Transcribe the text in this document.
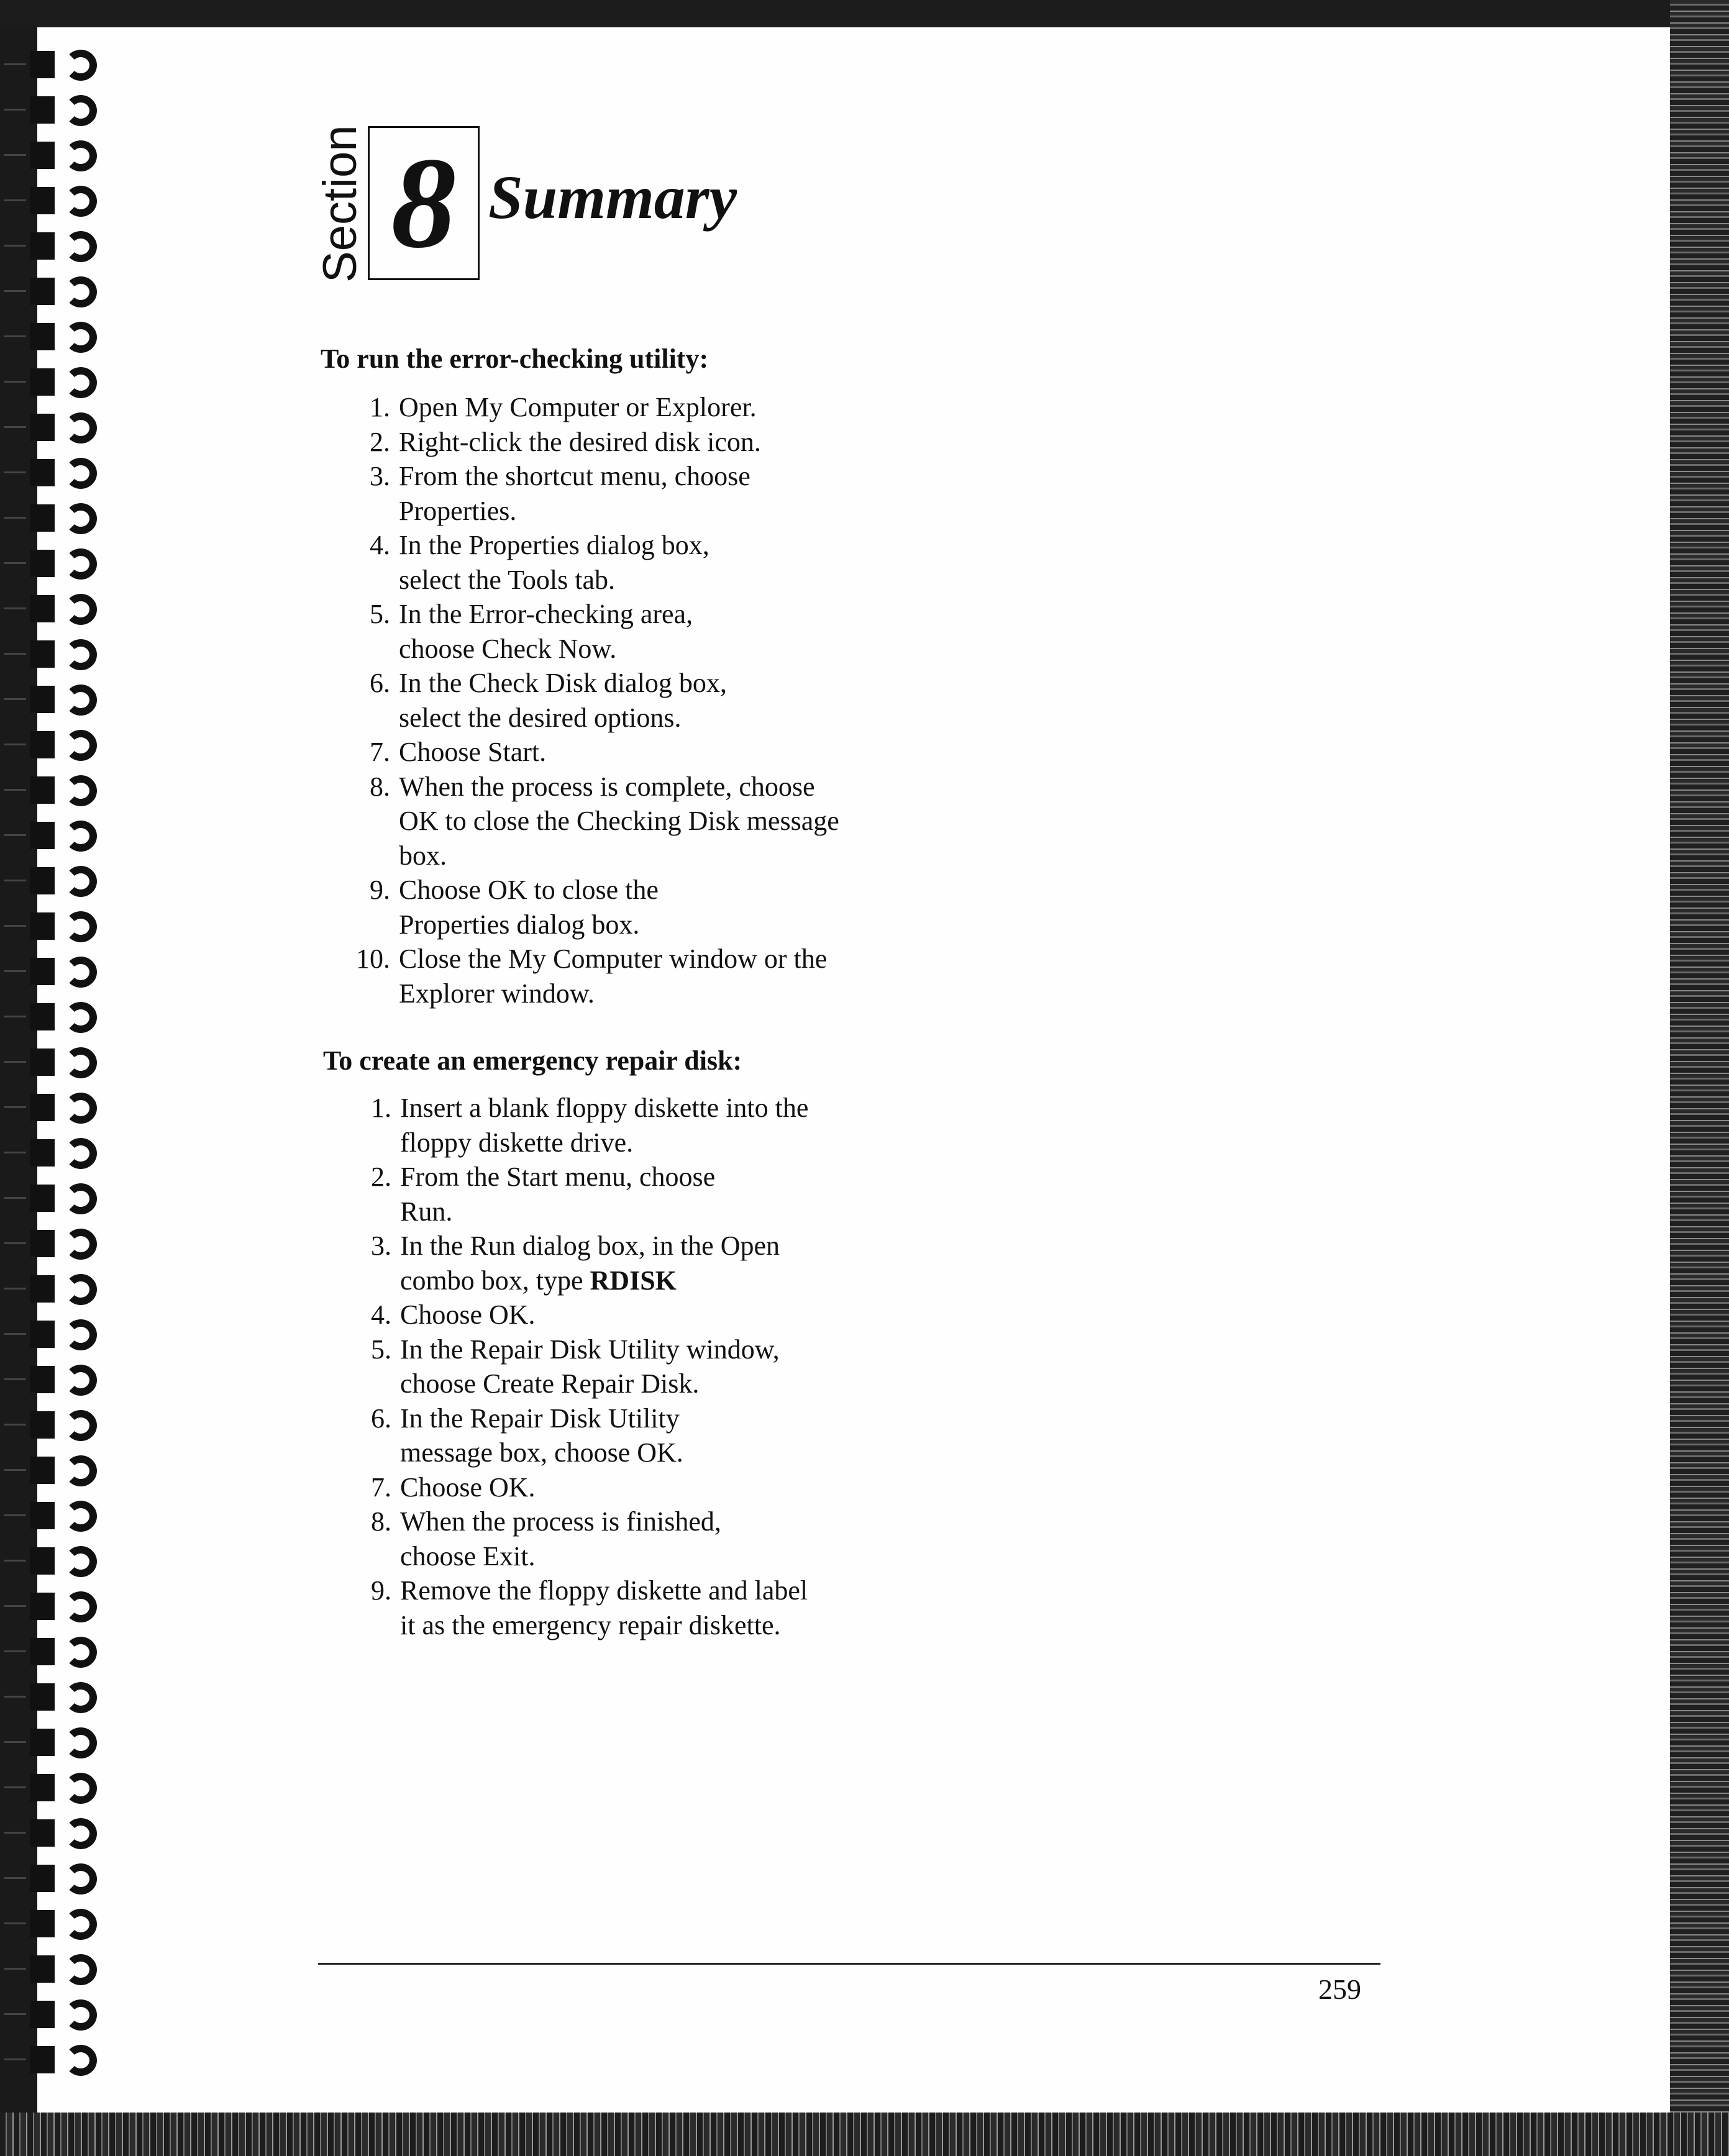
Section 8 Summary
To run the error-checking utility:
1. Open My Computer or Explorer.
2. Right-click the desired disk icon.
3. From the shortcut menu, choose Properties.
4. In the Properties dialog box, select the Tools tab.
5. In the Error-checking area, choose Check Now.
6. In the Check Disk dialog box, select the desired options.
7. Choose Start.
8. When the process is complete, choose OK to close the Checking Disk message box.
9. Choose OK to close the Properties dialog box.
10. Close the My Computer window or the Explorer window.
To create an emergency repair disk:
1. Insert a blank floppy diskette into the floppy diskette drive.
2. From the Start menu, choose Run.
3. In the Run dialog box, in the Open combo box, type RDISK
4. Choose OK.
5. In the Repair Disk Utility window, choose Create Repair Disk.
6. In the Repair Disk Utility message box, choose OK.
7. Choose OK.
8. When the process is finished, choose Exit.
9. Remove the floppy diskette and label it as the emergency repair diskette.
259
